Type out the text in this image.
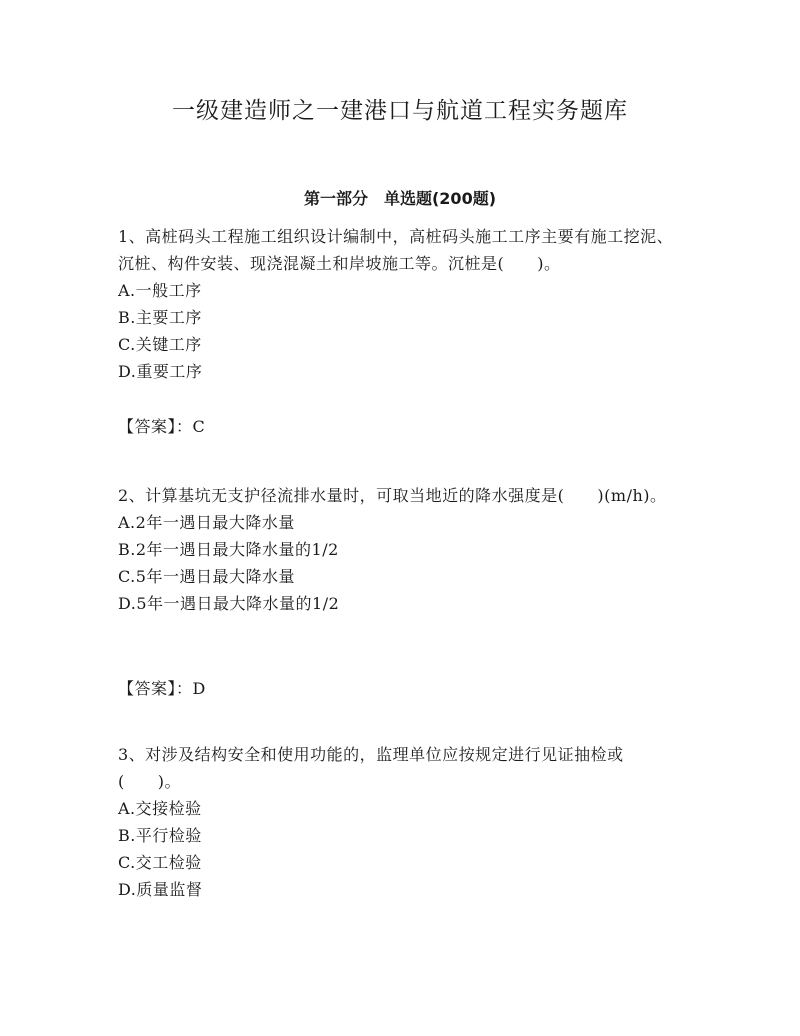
一级建造师之一建港口与航道工程实务题库
第一部分　单选题(200题)

1、高桩码头工程施工组织设计编制中，高桩码头施工工序主要有施工挖泥、沉桩、构件安装、现浇混凝土和岸坡施工等。沉桩是(　　)。

A.一般工序

B.主要工序

C.关键工序

D.重要工序

【答案】：C

2、计算基坑无支护径流排水量时，可取当地近的降水强度是(　　)(m/h)。

A.2年一遇日最大降水量

B.2年一遇日最大降水量的1/2

C.5年一遇日最大降水量

D.5年一遇日最大降水量的1/2

【答案】：D

3、对涉及结构安全和使用功能的，监理单位应按规定进行见证抽检或(　　)。

A.交接检验

B.平行检验

C.交工检验

D.质量监督
